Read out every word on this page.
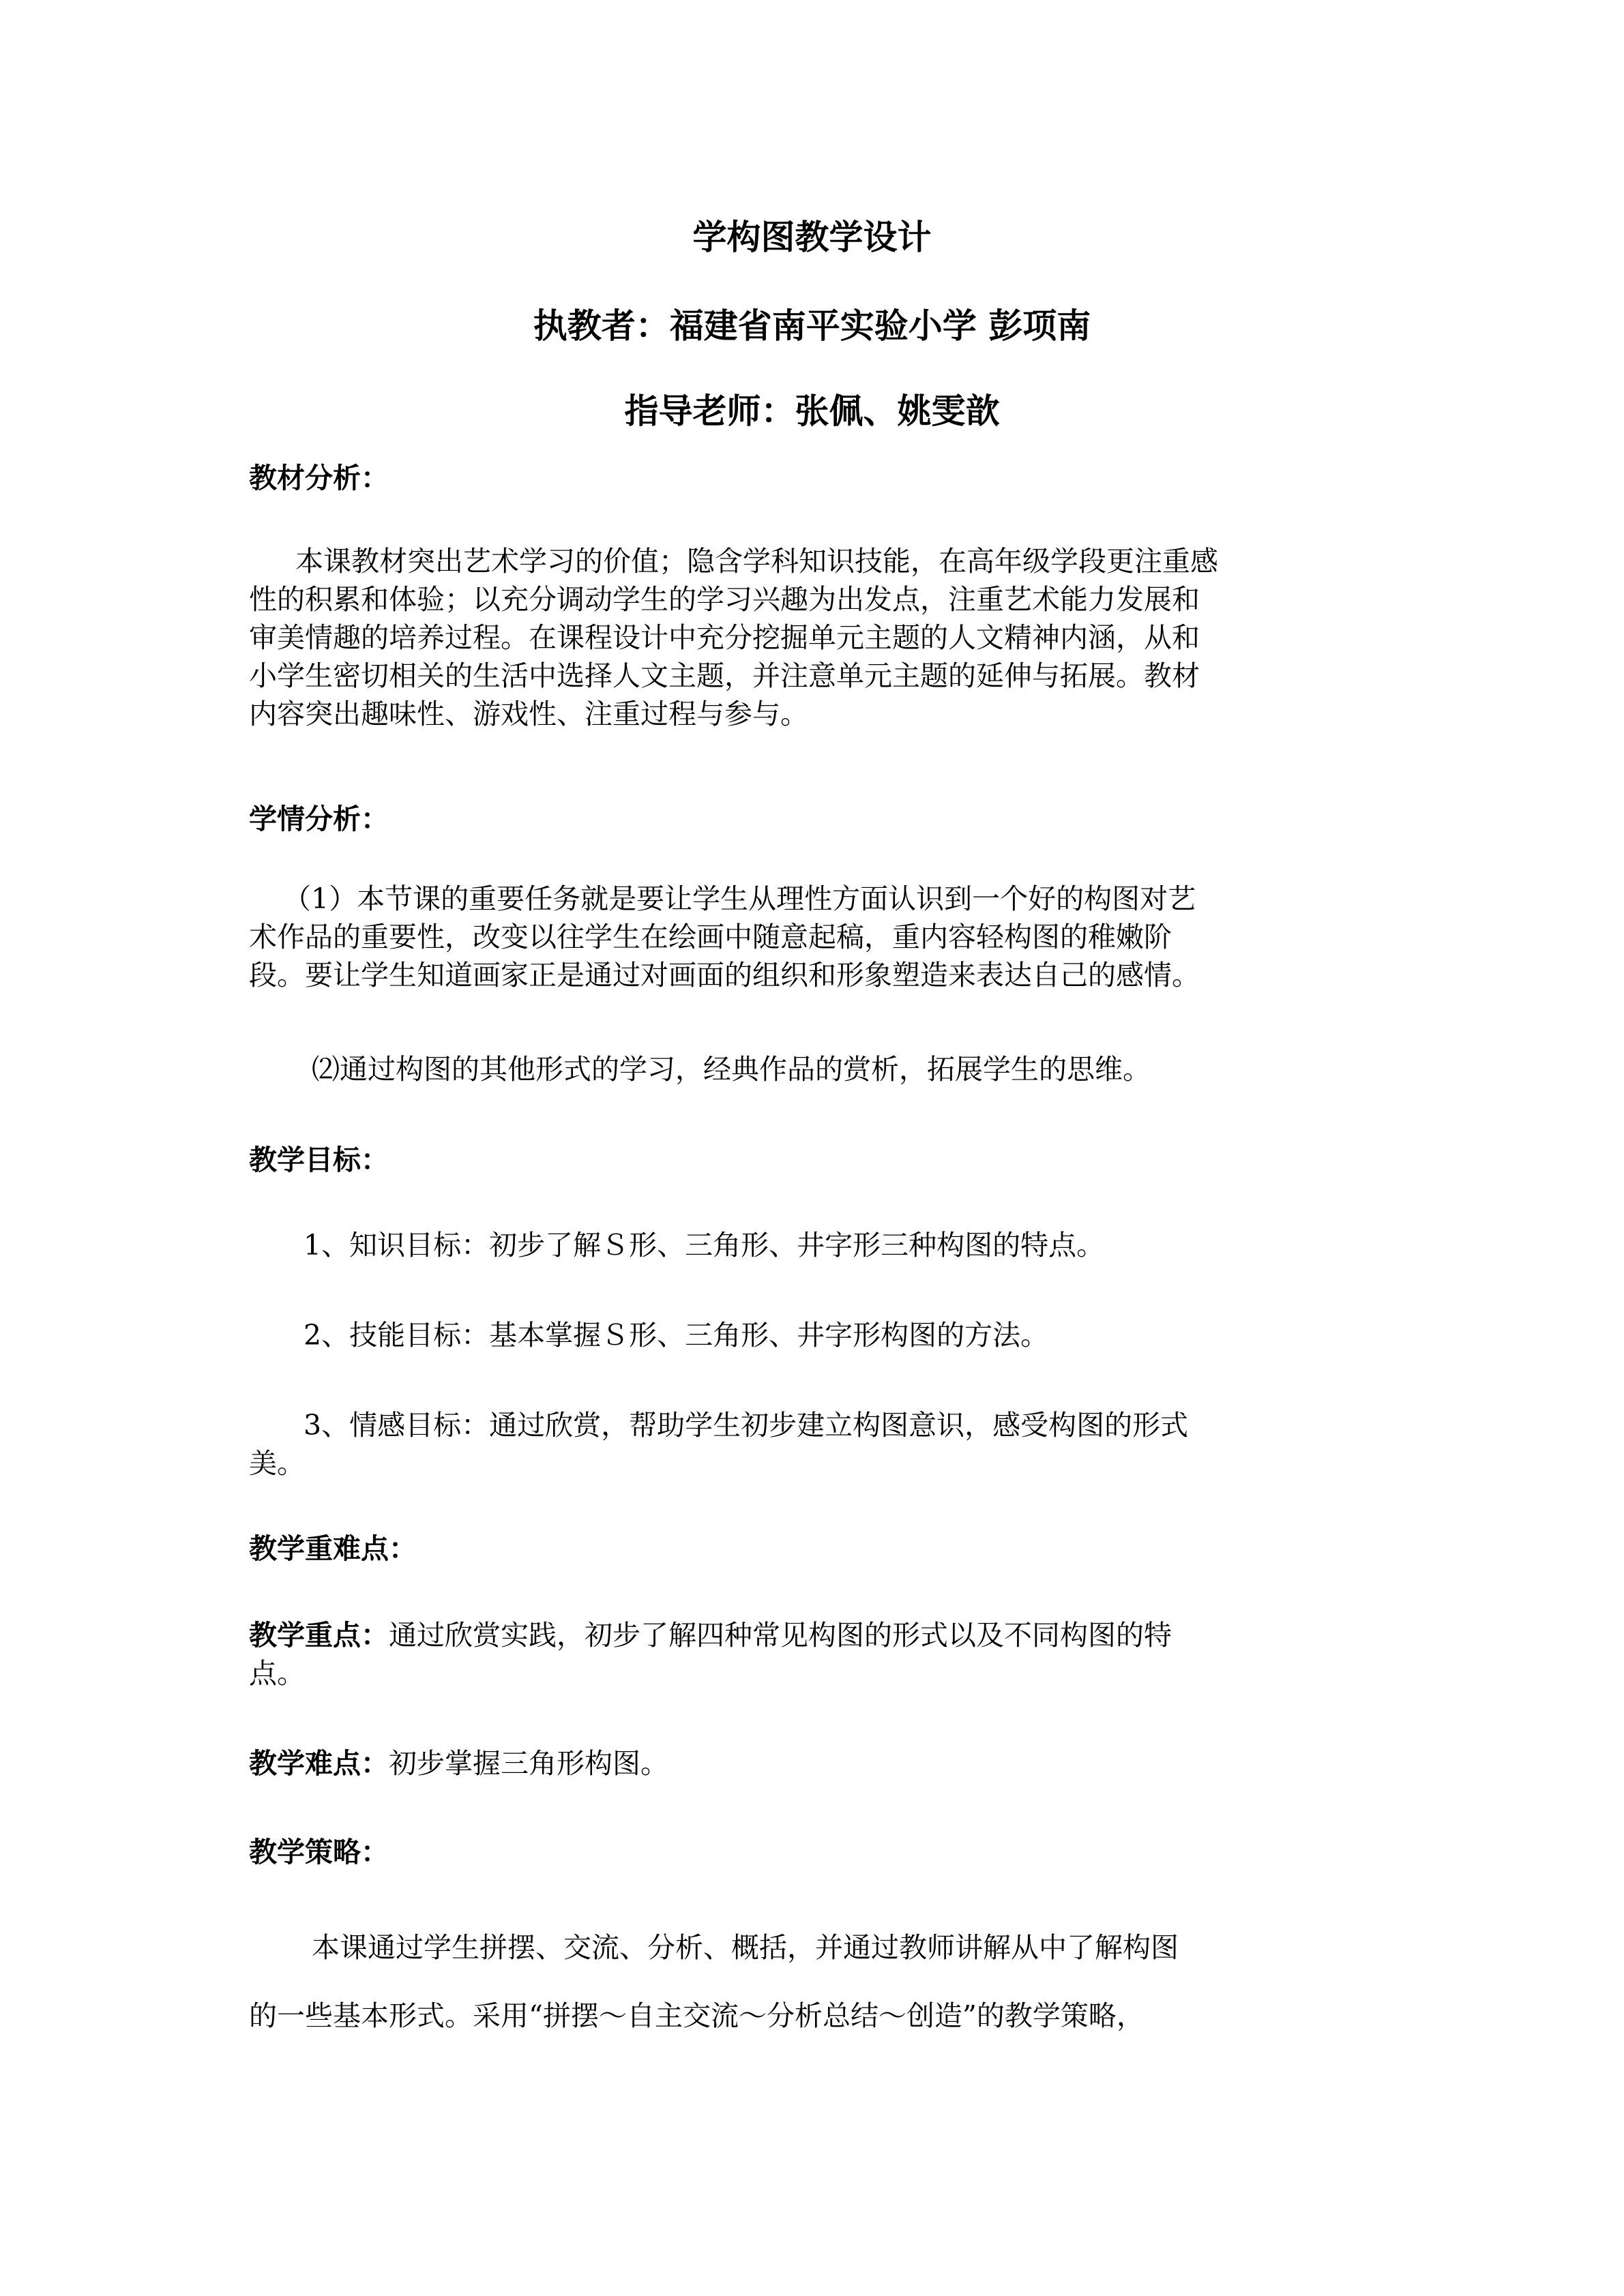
学构图教学设计
执教者：福建省南平实验小学 彭项南
指导老师：张佩、姚雯歆
教材分析：
本课教材突出艺术学习的价值；隐含学科知识技能，在高年级学段更注重感
性的积累和体验；以充分调动学生的学习兴趣为出发点，注重艺术能力发展和
审美情趣的培养过程。在课程设计中充分挖掘单元主题的人文精神内涵，从和
小学生密切相关的生活中选择人文主题，并注意单元主题的延伸与拓展。教材
内容突出趣味性、游戏性、注重过程与参与。
学情分析：
（1）本节课的重要任务就是要让学生从理性方面认识到一个好的构图对艺
术作品的重要性，改变以往学生在绘画中随意起稿，重内容轻构图的稚嫩阶
段。要让学生知道画家正是通过对画面的组织和形象塑造来表达自己的感情。
⑵通过构图的其他形式的学习，经典作品的赏析，拓展学生的思维。
教学目标：
1、知识目标：初步了解Ｓ形、三角形、井字形三种构图的特点。
2、技能目标：基本掌握Ｓ形、三角形、井字形构图的方法。
3、情感目标：通过欣赏，帮助学生初步建立构图意识，感受构图的形式
美。
教学重难点：
教学重点：通过欣赏实践，初步了解四种常见构图的形式以及不同构图的特
点。
教学难点：初步掌握三角形构图。
教学策略：
本课通过学生拼摆、交流、分析、概括，并通过教师讲解从中了解构图
的一些基本形式。采用“拼摆～自主交流～分析总结～创造”的教学策略，
